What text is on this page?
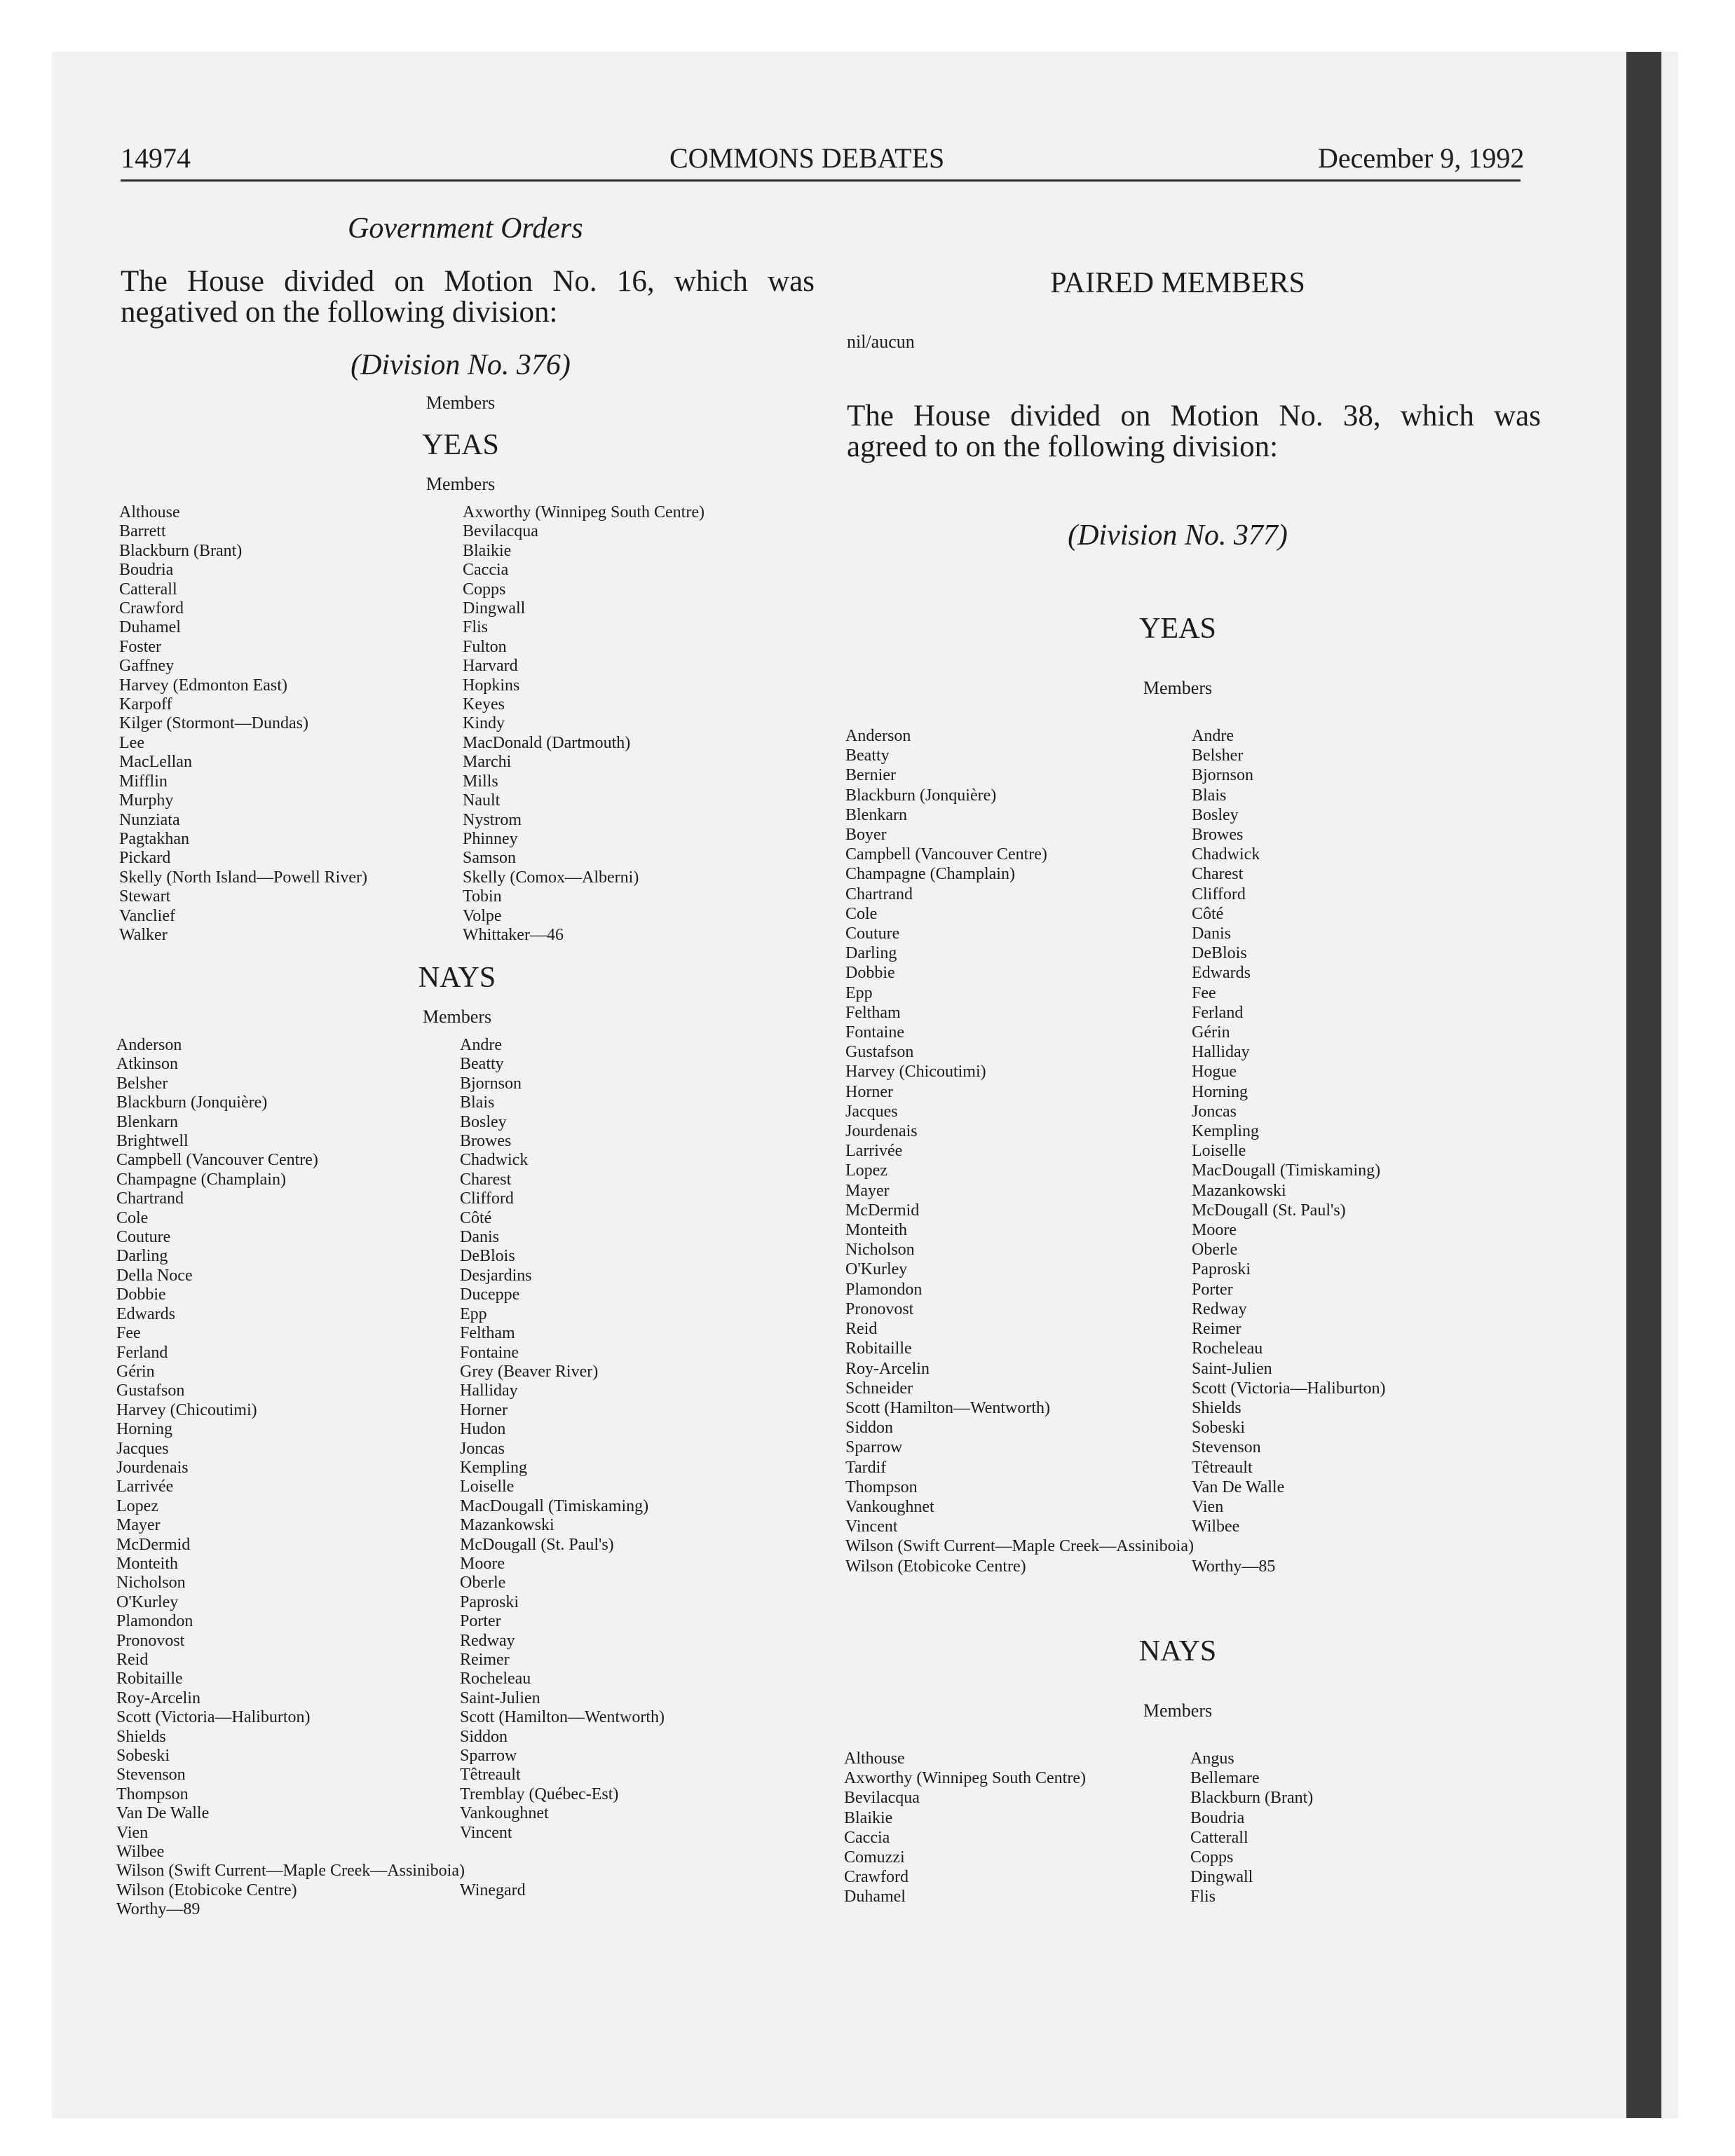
14974	COMMONS DEBATES	December 9, 1992
Government Orders
The House divided on Motion No. 16, which was
negatived on the following division:
(Division No. 376)
Members
YEAS
Members
Althouse
Barrett
Blackburn (Brant)
Boudria
Catterall
Crawford
Duhamel
Foster
Gaffney
Harvey (Edmonton East)
Karpoff
Kilger (Stormont—Dundas)
Lee
MacLellan
Mifflin
Murphy
Nunziata
Pagtakhan
Pickard
Skelly (North Island—Powell River)
Stewart
Vanclief
Walker
Axworthy (Winnipeg South Centre)
Bevilacqua
Blaikie
Caccia
Copps
Dingwall
Flis
Fulton
Harvard
Hopkins
Keyes
Kindy
MacDonald (Dartmouth)
Marchi
Mills
Nault
Nystrom
Phinney
Samson
Skelly (Comox—Alberni)
Tobin
Volpe
Whittaker—46
NAYS
Members
Anderson
Atkinson
Belsher
Blackburn (Jonquière)
Blenkarn
Brightwell
Campbell (Vancouver Centre)
Champagne (Champlain)
Chartrand
Cole
Couture
Darling
Della Noce
Dobbie
Edwards
Fee
Ferland
Gérin
Gustafson
Harvey (Chicoutimi)
Horning
Jacques
Jourdenais
Larrivée
Lopez
Mayer
McDermid
Monteith
Nicholson
O'Kurley
Plamondon
Pronovost
Reid
Robitaille
Roy-Arcelin
Scott (Victoria—Haliburton)
Shields
Sobeski
Stevenson
Thompson
Van De Walle
Vien
Wilbee
Wilson (Swift Current—Maple Creek—Assiniboia)
Wilson (Etobicoke Centre)
Worthy—89
Andre
Beatty
Bjornson
Blais
Bosley
Browes
Chadwick
Charest
Clifford
Côté
Danis
DeBlois
Desjardins
Duceppe
Epp
Feltham
Fontaine
Grey (Beaver River)
Halliday
Horner
Hudon
Joncas
Kempling
Loiselle
MacDougall (Timiskaming)
Mazankowski
McDougall (St. Paul's)
Moore
Oberle
Paproski
Porter
Redway
Reimer
Rocheleau
Saint-Julien
Scott (Hamilton—Wentworth)
Siddon
Sparrow
Têtreault
Tremblay (Québec-Est)
Vankoughnet
Vincent

Winegard

PAIRED MEMBERS
nil/aucun
The House divided on Motion No. 38, which was
agreed to on the following division:
(Division No. 377)
YEAS
Members
Anderson
Beatty
Bernier
Blackburn (Jonquière)
Blenkarn
Boyer
Campbell (Vancouver Centre)
Champagne (Champlain)
Chartrand
Cole
Couture
Darling
Dobbie
Epp
Feltham
Fontaine
Gustafson
Harvey (Chicoutimi)
Horner
Jacques
Jourdenais
Larrivée
Lopez
Mayer
McDermid
Monteith
Nicholson
O'Kurley
Plamondon
Pronovost
Reid
Robitaille
Roy-Arcelin
Schneider
Scott (Hamilton—Wentworth)
Siddon
Sparrow
Tardif
Thompson
Vankoughnet
Vincent
Wilson (Swift Current—Maple Creek—Assiniboia)
Wilson (Etobicoke Centre)
Andre
Belsher
Bjornson
Blais
Bosley
Browes
Chadwick
Charest
Clifford
Côté
Danis
DeBlois
Edwards
Fee
Ferland
Gérin
Halliday
Hogue
Horning
Joncas
Kempling
Loiselle
MacDougall (Timiskaming)
Mazankowski
McDougall (St. Paul's)
Moore
Oberle
Paproski
Porter
Redway
Reimer
Rocheleau
Saint-Julien
Scott (Victoria—Haliburton)
Shields
Sobeski
Stevenson
Têtreault
Van De Walle
Vien
Wilbee

Worthy—85
NAYS
Members
Althouse
Axworthy (Winnipeg South Centre)
Bevilacqua
Blaikie
Caccia
Comuzzi
Crawford
Duhamel
Angus
Bellemare
Blackburn (Brant)
Boudria
Catterall
Copps
Dingwall
Flis
